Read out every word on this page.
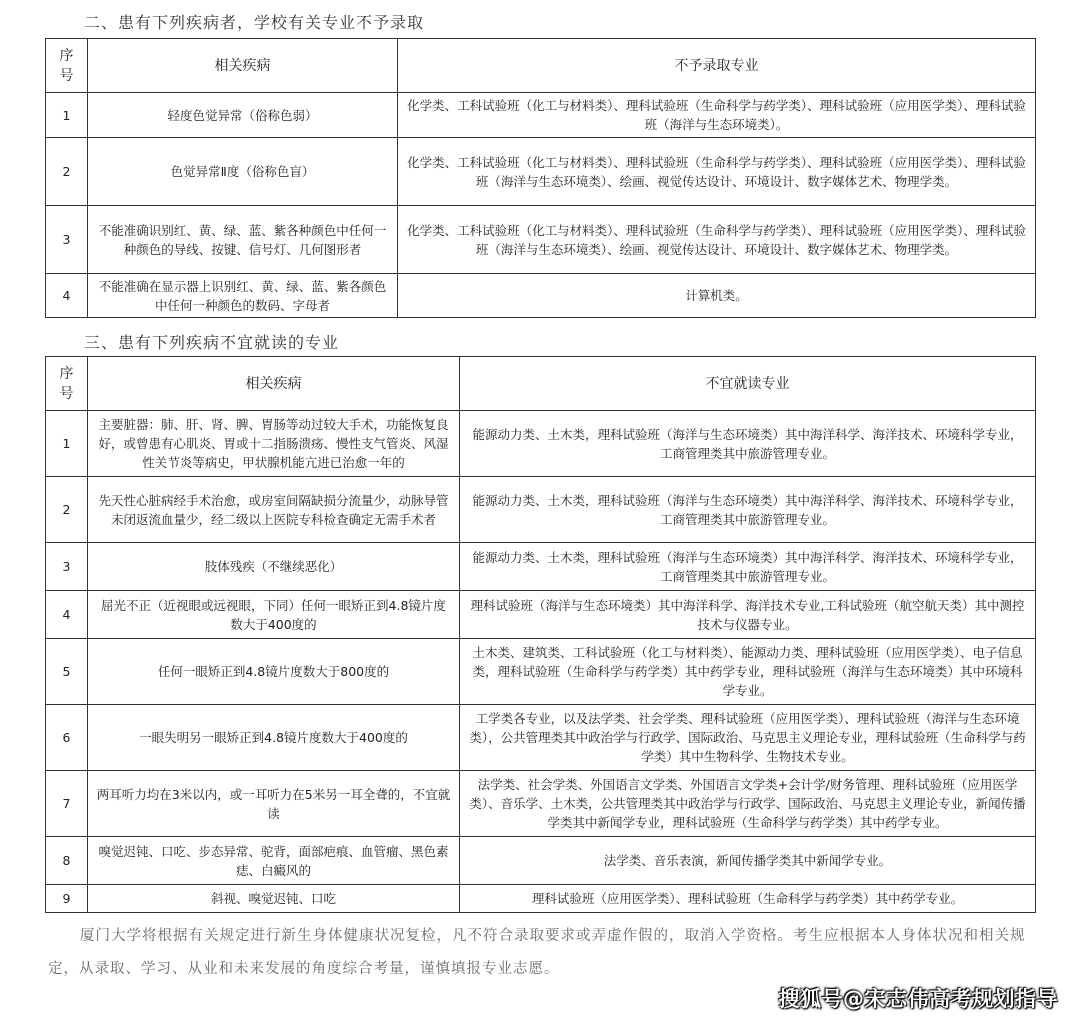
二、患有下列疾病者，学校有关专业不予录取
序号	相关疾病	不予录取专业
1	轻度色觉异常（俗称色弱）	化学类、工科试验班（化工与材料类）、理科试验班（生命科学与药学类）、理科试验班（应用医学类）、理科试验班（海洋与生态环境类）。
2	色觉异常Ⅱ度（俗称色盲）	化学类、工科试验班（化工与材料类）、理科试验班（生命科学与药学类）、理科试验班（应用医学类）、理科试验班（海洋与生态环境类）、绘画、视觉传达设计、环境设计、数字媒体艺术、物理学类。
3	不能准确识别红、黄、绿、蓝、紫各种颜色中任何一种颜色的导线、按键、信号灯、几何图形者	化学类、工科试验班（化工与材料类）、理科试验班（生命科学与药学类）、理科试验班（应用医学类）、理科试验班（海洋与生态环境类）、绘画、视觉传达设计、环境设计、数字媒体艺术、物理学类。
4	不能准确在显示器上识别红、黄、绿、蓝、紫各颜色中任何一种颜色的数码、字母者	计算机类。
三、患有下列疾病不宜就读的专业
序号	相关疾病	不宜就读专业
1	主要脏器：肺、肝、肾、脾、胃肠等动过较大手术，功能恢复良好，或曾患有心肌炎、胃或十二指肠溃疡、慢性支气管炎、风湿性关节炎等病史，甲状腺机能亢进已治愈一年的	能源动力类、土木类，理科试验班（海洋与生态环境类）其中海洋科学、海洋技术、环境科学专业，工商管理类其中旅游管理专业。
2	先天性心脏病经手术治愈，或房室间隔缺损分流量少，动脉导管未闭返流血量少，经二级以上医院专科检查确定无需手术者	能源动力类、土木类，理科试验班（海洋与生态环境类）其中海洋科学、海洋技术、环境科学专业，工商管理类其中旅游管理专业。
3	肢体残疾（不继续恶化）	能源动力类、土木类，理科试验班（海洋与生态环境类）其中海洋科学、海洋技术、环境科学专业，工商管理类其中旅游管理专业。
4	屈光不正（近视眼或远视眼，下同）任何一眼矫正到4.8镜片度数大于400度的	理科试验班（海洋与生态环境类）其中海洋科学、海洋技术专业,工科试验班（航空航天类）其中测控技术与仪器专业。
5	任何一眼矫正到4.8镜片度数大于800度的	土木类、建筑类、工科试验班（化工与材料类）、能源动力类、理科试验班（应用医学类）、电子信息类，理科试验班（生命科学与药学类）其中药学专业，理科试验班（海洋与生态环境类）其中环境科学专业。
6	一眼失明另一眼矫正到4.8镜片度数大于400度的	工学类各专业，以及法学类、社会学类、理科试验班（应用医学类）、理科试验班（海洋与生态环境类），公共管理类其中政治学与行政学、国际政治、马克思主义理论专业，理科试验班（生命科学与药学类）其中生物科学、生物技术专业。
7	两耳听力均在3米以内，或一耳听力在5米另一耳全聋的，不宜就读	法学类、社会学类、外国语言文学类、外国语言文学类+会计学/财务管理、理科试验班（应用医学类）、音乐学、土木类，公共管理类其中政治学与行政学、国际政治、马克思主义理论专业，新闻传播学类其中新闻学专业，理科试验班（生命科学与药学类）其中药学专业。
8	嗅觉迟钝、口吃、步态异常、驼背，面部疤痕、血管瘤、黑色素痣、白癜风的	法学类、音乐表演，新闻传播学类其中新闻学专业。
9	斜视、嗅觉迟钝、口吃	理科试验班（应用医学类）、理科试验班（生命科学与药学类）其中药学专业。

厦门大学将根据有关规定进行新生身体健康状况复检，凡不符合录取要求或弄虚作假的，取消入学资格。考生应根据本人身体状况和相关规定，从录取、学习、从业和未来发展的角度综合考量，谨慎填报专业志愿。

搜狐号@宋志伟高考规划指导
